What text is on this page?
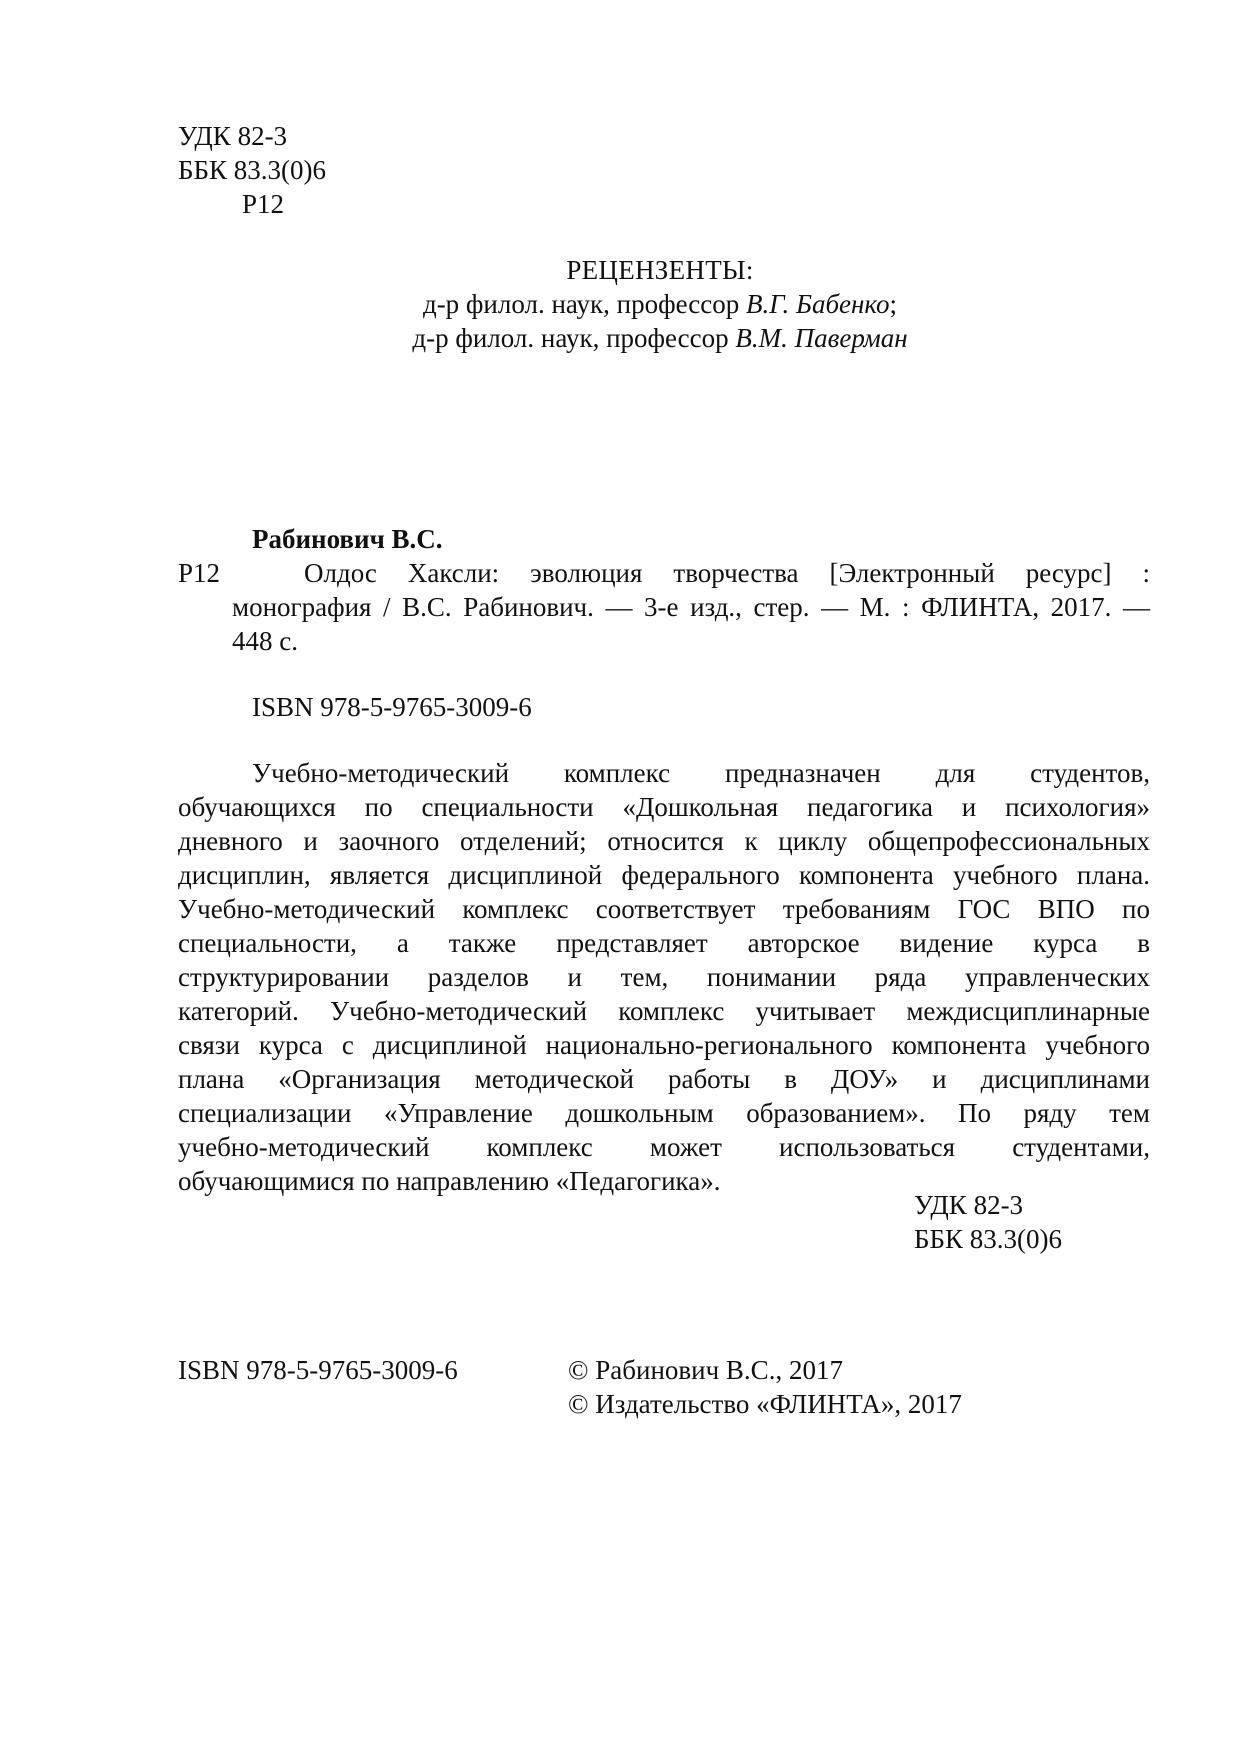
УДК 82-3
ББК 83.3(0)6
Р12
РЕЦЕНЗЕНТЫ:
д-р филол. наук, профессор В.Г. Бабенко;
д-р филол. наук, профессор В.М. Паверман
Рабинович В.С.
Р12	Олдос Хаксли: эволюция творчества [Электронный ресурс] :
монография / В.С. Рабинович. — 3-е изд., стер. — М. : ФЛИНТА, 2017. —
448 с.
ISBN 978-5-9765-3009-6
Учебно-методический комплекс предназначен для студентов,
обучающихся по специальности «Дошкольная педагогика и психология»
дневного и заочного отделений; относится к циклу общепрофессиональных
дисциплин, является дисциплиной федерального компонента учебного плана.
Учебно-методический комплекс соответствует требованиям ГОС ВПО по
специальности, а также представляет авторское видение курса в
структурировании разделов и тем, понимании ряда управленческих
категорий. Учебно-методический комплекс учитывает междисциплинарные
связи курса с дисциплиной национально-регионального компонента учебного
плана «Организация методической работы в ДОУ» и дисциплинами
специализации «Управление дошкольным образованием». По ряду тем
учебно-методический комплекс может использоваться студентами,
обучающимися по направлению «Педагогика».
УДК 82-3
ББК 83.3(0)6
ISBN 978-5-9765-3009-6	© Рабинович В.С., 2017
© Издательство «ФЛИНТА», 2017
